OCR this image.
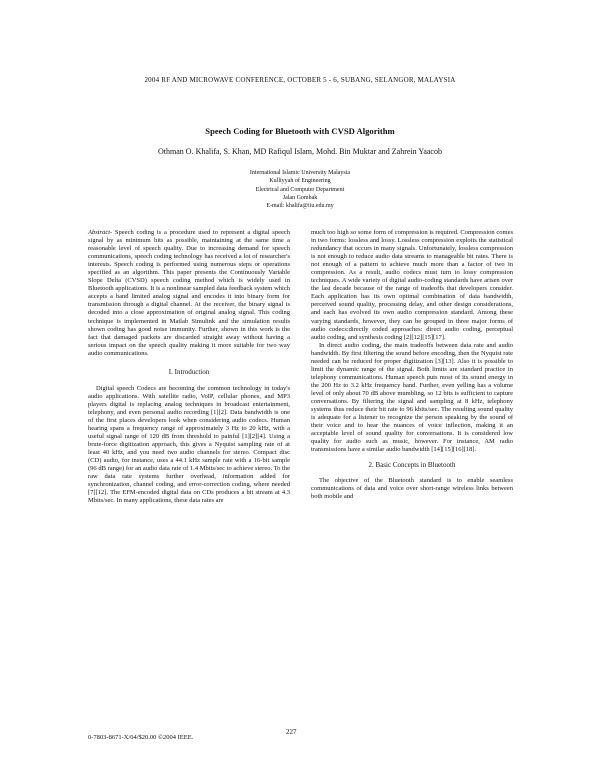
2004 RF AND MICROWAVE CONFERENCE, OCTOBER 5 - 6, SUBANG, SELANGOR, MALAYSIA
Speech Coding for Bluetooth with CVSD Algorithm
Othman O. Khalifa, S. Khan, MD Rafiqul Islam, Mohd. Bin Muktar and Zahrein Yaacob
International Islamic University Malaysia
Kulliyyah of Engineering
Electrical and Computer Department
Jalan Gombak
E-mail: khalifa@iiu.edu.my

Abstract- Speech coding is a procedure used to represent a digital speech signal by as minimum bits as possible, maintaining at the same time a reasonable level of speech quality. Due to increasing demand for speech communications, speech coding technology has received a lot of researcher's interests. Speech coding is performed using numerous steps or operations specified as an algorithm. This paper presents the Continuously Variable Slope Delta (CVSD) speech coding method which is widely used in Bluetooth applications. It is a nonlinear sampled data feedback system which accepts a band limited analog signal and encodes it into binary form for transmission through a digital channel. At the receiver, the binary signal is decoded into a close approximation of original analog signal. This coding technique is implemented in Matlab Simulink and the simulation results shown coding has good noise immunity. Further, shown in this work is the fact that damaged packets are discarded straight away without having a serious impact on the speech quality making it more suitable for two way audio communications.

I. Introduction

Digital speech Codecs are becoming the common technology in today's audio applications. With satellite radio, VoIP, cellular phones, and MP3 players digital is replacing analog techniques in broadcast entertainment, telephony, and even personal audio recording [1][2]. Data bandwidth is one of the first places developers look when considering audio codecs. Human hearing spans a frequency range of approximately 3 Hz to 20 kHz, with a useful signal range of 120 dB from threshold to painful [1][2][4]. Using a brute-force digitization approach, this gives a Nyquist sampling rate of at least 40 kHz, and you need two audio channels for stereo. Compact disc (CD) audio, for instance, uses a 44.1 kHz sample rate with a 16-bit sample (96 dB range) for an audio data rate of 1.4 Mbits/sec to achieve stereo. To the raw data rate systems further overhead, information added for synchronization, channel coding, and error-correction coding, where needed [7][12]. The EFM-encoded digital data on CDs produces a bit stream at 4.3 Mbits/sec. In many applications, these data rates are

much too high so some form of compression is required. Compression comes in two forms: lossless and lossy. Lossless compression exploits the statistical redundancy that occurs in many signals. Unfortunately, lossless compression is not enough to reduce audio data streams to manageable bit rates. There is not enough of a pattern to achieve much more than a factor of two in compression. As a result, audio codecs must turn to lossy compression techniques. A wide variety of digital audio-coding standards have arisen over the last decade because of the range of tradeoffs that developers consider. Each application has its own optimal combination of data bandwidth, perceived sound quality, processing delay, and other design considerations, and each has evolved its own audio compression standard. Among these varying standards, however, they can be grouped in three major forms of audio codecs:directly coded approaches: direct audio coding, perceptual audio coding, and synthesis coding [2][12][15][17].

In direct audio coding, the main tradeoffs between data rate and audio bandwidth. By first filtering the sound before encoding, then the Nyquist rate needed can be reduced for proper digitization [3][13]. Also it is possible to limit the dynamic range of the signal. Both limits are standard practice in telephony communications. Human speech puts most of its sound energy in the 200 Hz to 3.2 kHz frequency band. Further, even yelling has a volume level of only about 70 dB above mumbling, so 12 bits is sufficient to capture conversations. By filtering the signal and sampling at 8 kHz, telephony systems thus reduce their bit rate to 96 kbits/sec. The resulting sound quality is adequate for a listener to recognize the person speaking by the sound of their voice and to hear the nuances of voice inflection, making it an acceptable level of sound quality for conversations. It is considered low quality for audio such as music, however. For instance, AM radio transmissions have a similar audio bandwidth [14][15][16][18].

2. Basic Concepts in Bluetooth

The objective of the Bluetooth standard is to enable seamless communications of data and voice over short-range wireless links between both mobile and

0-7803-8671-X/04/$20.00 ©2004 IEEE.
227
